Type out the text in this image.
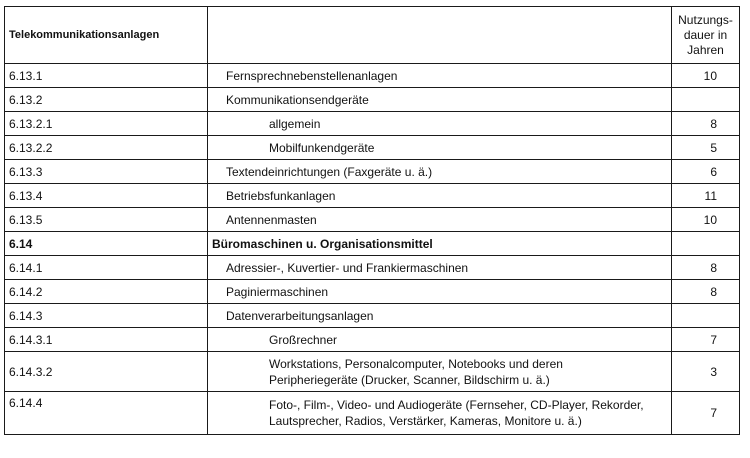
Telekommunikationsanlagen		Nutzungs-
dauer in
Jahren

6.13.1	Fernsprechnebenstellenanlagen	10
6.13.2	Kommunikationsendgeräte	
6.13.2.1	allgemein	8
6.13.2.2	Mobilfunkendgeräte	5
6.13.3	Textendeinrichtungen (Faxgeräte u. ä.)	6
6.13.4	Betriebsfunkanlagen	11
6.13.5	Antennenmasten	10
6.14	Büromaschinen u. Organisationsmittel	
6.14.1	Adressier-, Kuvertier- und Frankiermaschinen	8
6.14.2	Paginiermaschinen	8
6.14.3	Datenverarbeitungsanlagen	
6.14.3.1	Großrechner	7
6.14.3.2	Workstations, Personalcomputer, Notebooks und deren
Peripheriegeräte (Drucker, Scanner, Bildschirm u. ä.)	3
6.14.4	Foto-, Film-, Video- und Audiogeräte (Fernseher, CD-Player, Rekorder,
Lautsprecher, Radios, Verstärker, Kameras, Monitore u. ä.)	7
